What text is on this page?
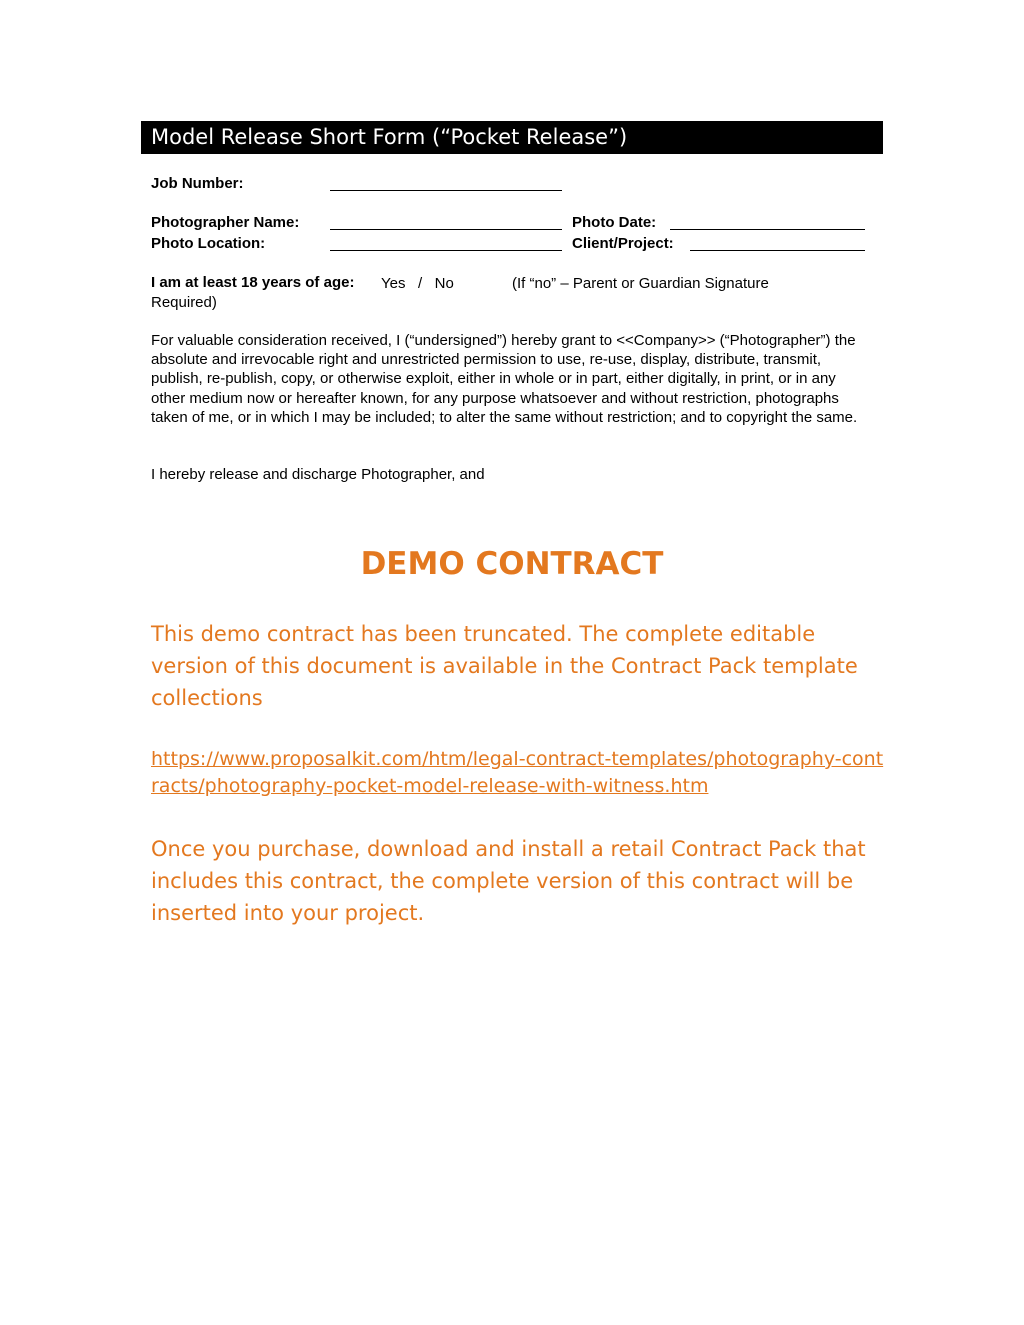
Model Release Short Form (“Pocket Release”)
Job Number:
Photographer Name:	Photo Date:
Photo Location:	Client/Project:
I am at least 18 years of age: Yes   /   No	(If “no” – Parent or Guardian Signature
Required)
For valuable consideration received, I (“undersigned”) hereby grant to <<Company>> (“Photographer”) the absolute and irrevocable right and unrestricted permission to use, re-use, display, distribute, transmit, publish, re-publish, copy, or otherwise exploit, either in whole or in part, either digitally, in print, or in any other medium now or hereafter known, for any purpose whatsoever and without restriction, photographs taken of me, or in which I may be included; to alter the same without restriction; and to copyright the same.
I hereby release and discharge Photographer, and
DEMO CONTRACT
This demo contract has been truncated. The complete editable version of this document is available in the Contract Pack template collections
https://www.proposalkit.com/htm/legal-contract-templates/photography-contracts/photography-pocket-model-release-with-witness.htm
Once you purchase, download and install a retail Contract Pack that includes this contract, the complete version of this contract will be inserted into your project.
